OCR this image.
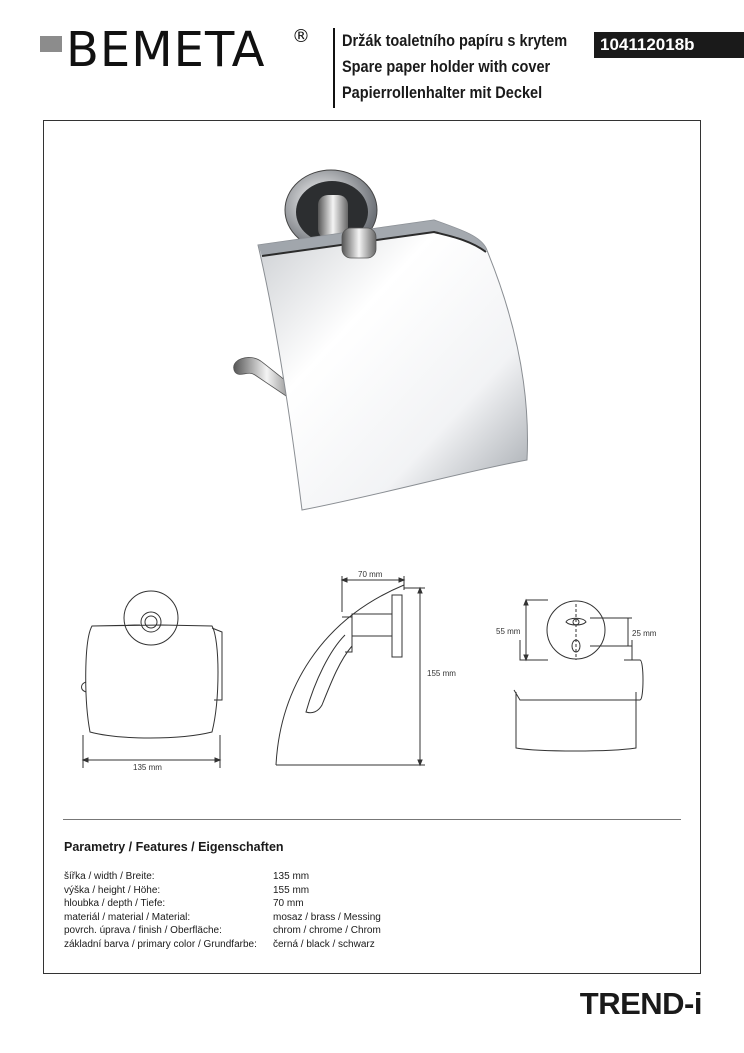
BEMETA ® Držák toaletního papíru s krytem
Spare paper holder with cover
Papierrollenhalter mit Deckel
104112018b
135 mm
70 mm
155 mm
55 mm	25 mm
Parametry / Features / Eigenschaften
šířka / width / Breite:	135 mm
výška / height / Höhe:	155 mm
hloubka / depth / Tiefe:	70 mm
materiál / material / Material:	mosaz / brass / Messing
povrch. úprava / finish / Oberfläche:	chrom / chrome / Chrom
základní barva / primary color / Grundfarbe:	černá / black / schwarz
TREND-i
